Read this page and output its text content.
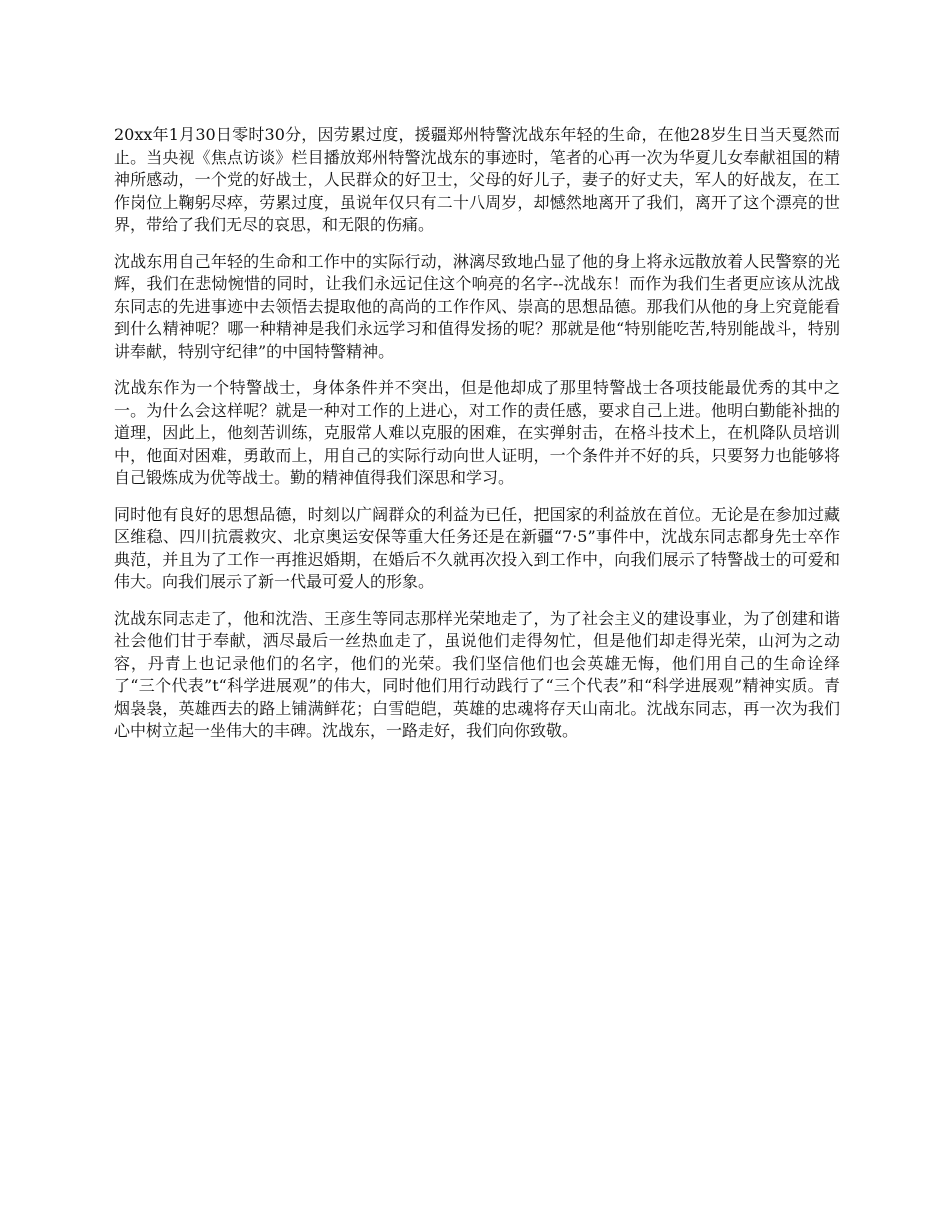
20xx年1月30日零时30分，因劳累过度，援疆郑州特警沈战东年轻的生命，在他28岁生日当天戛然而止。当央视《焦点访谈》栏目播放郑州特警沈战东的事迹时，笔者的心再一次为华夏儿女奉献祖国的精神所感动，一个党的好战士，人民群众的好卫士，父母的好儿子，妻子的好丈夫，军人的好战友，在工作岗位上鞠躬尽瘁，劳累过度，虽说年仅只有二十八周岁，却憾然地离开了我们，离开了这个漂亮的世界，带给了我们无尽的哀思，和无限的伤痛。

沈战东用自己年轻的生命和工作中的实际行动，淋漓尽致地凸显了他的身上将永远散放着人民警察的光辉，我们在悲恸惋惜的同时，让我们永远记住这个响亮的名字--沈战东！而作为我们生者更应该从沈战东同志的先进事迹中去领悟去提取他的高尚的工作作风、崇高的思想品德。那我们从他的身上究竟能看到什么精神呢？哪一种精神是我们永远学习和值得发扬的呢？那就是他“特别能吃苦,特别能战斗，特别讲奉献，特别守纪律”的中国特警精神。

沈战东作为一个特警战士，身体条件并不突出，但是他却成了那里特警战士各项技能最优秀的其中之一。为什么会这样呢？就是一种对工作的上进心，对工作的责任感，要求自己上进。他明白勤能补拙的道理，因此上，他刻苦训练，克服常人难以克服的困难，在实弹射击，在格斗技术上，在机降队员培训中，他面对困难，勇敢而上，用自己的实际行动向世人证明，一个条件并不好的兵，只要努力也能够将自己锻炼成为优等战士。勤的精神值得我们深思和学习。

同时他有良好的思想品德，时刻以广阔群众的利益为已任，把国家的利益放在首位。无论是在参加过藏区维稳、四川抗震救灾、北京奥运安保等重大任务还是在新疆“7·5”事件中，沈战东同志都身先士卒作典范，并且为了工作一再推迟婚期，在婚后不久就再次投入到工作中，向我们展示了特警战士的可爱和伟大。向我们展示了新一代最可爱人的形象。

沈战东同志走了，他和沈浩、王彦生等同志那样光荣地走了，为了社会主义的建设事业，为了创建和谐社会他们甘于奉献，洒尽最后一丝热血走了，虽说他们走得匆忙，但是他们却走得光荣，山河为之动容，丹青上也记录他们的名字，他们的光荣。我们坚信他们也会英雄无悔，他们用自己的生命诠绎了“三个代表”t“科学进展观”的伟大，同时他们用行动践行了“三个代表”和“科学进展观”精神实质。青烟袅袅，英雄西去的路上铺满鲜花；白雪皑皑，英雄的忠魂将存天山南北。沈战东同志，再一次为我们心中树立起一坐伟大的丰碑。沈战东，一路走好，我们向你致敬。
